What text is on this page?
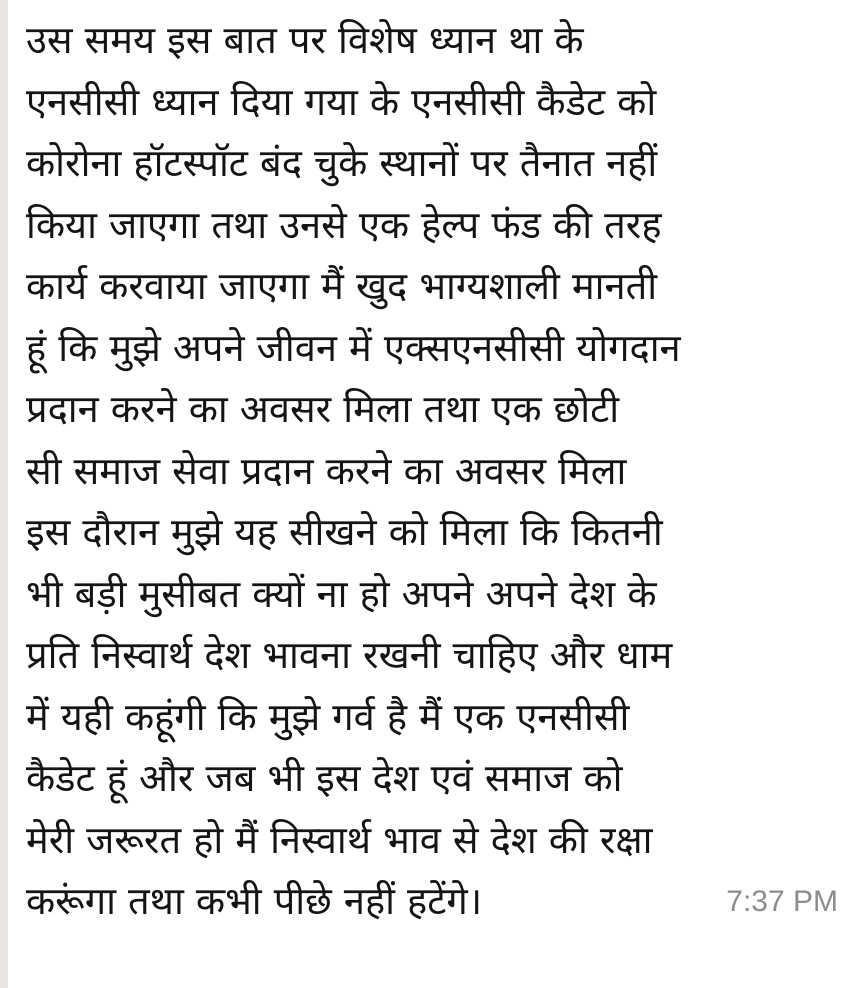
उस समय इस बात पर विशेष ध्यान था के
एनसीसी ध्यान दिया गया के एनसीसी कैडेट को
कोरोना हॉटस्पॉट बंद चुके स्थानों पर तैनात नहीं
किया जाएगा तथा उनसे एक हेल्प फंड की तरह
कार्य करवाया जाएगा मैं खुद भाग्यशाली मानती
हूं कि मुझे अपने जीवन में एक्सएनसीसी योगदान
प्रदान करने का अवसर मिला तथा एक छोटी
सी समाज सेवा प्रदान करने का अवसर मिला
इस दौरान मुझे यह सीखने को मिला कि कितनी
भी बड़ी मुसीबत क्यों ना हो अपने अपने देश के
प्रति निस्वार्थ देश भावना रखनी चाहिए और धाम
में यही कहूंगी कि मुझे गर्व है मैं एक एनसीसी
कैडेट हूं और जब भी इस देश एवं समाज को
मेरी जरूरत हो मैं निस्वार्थ भाव से देश की रक्षा
करूंगा तथा कभी पीछे नहीं हटेंगे।	7:37 PM
